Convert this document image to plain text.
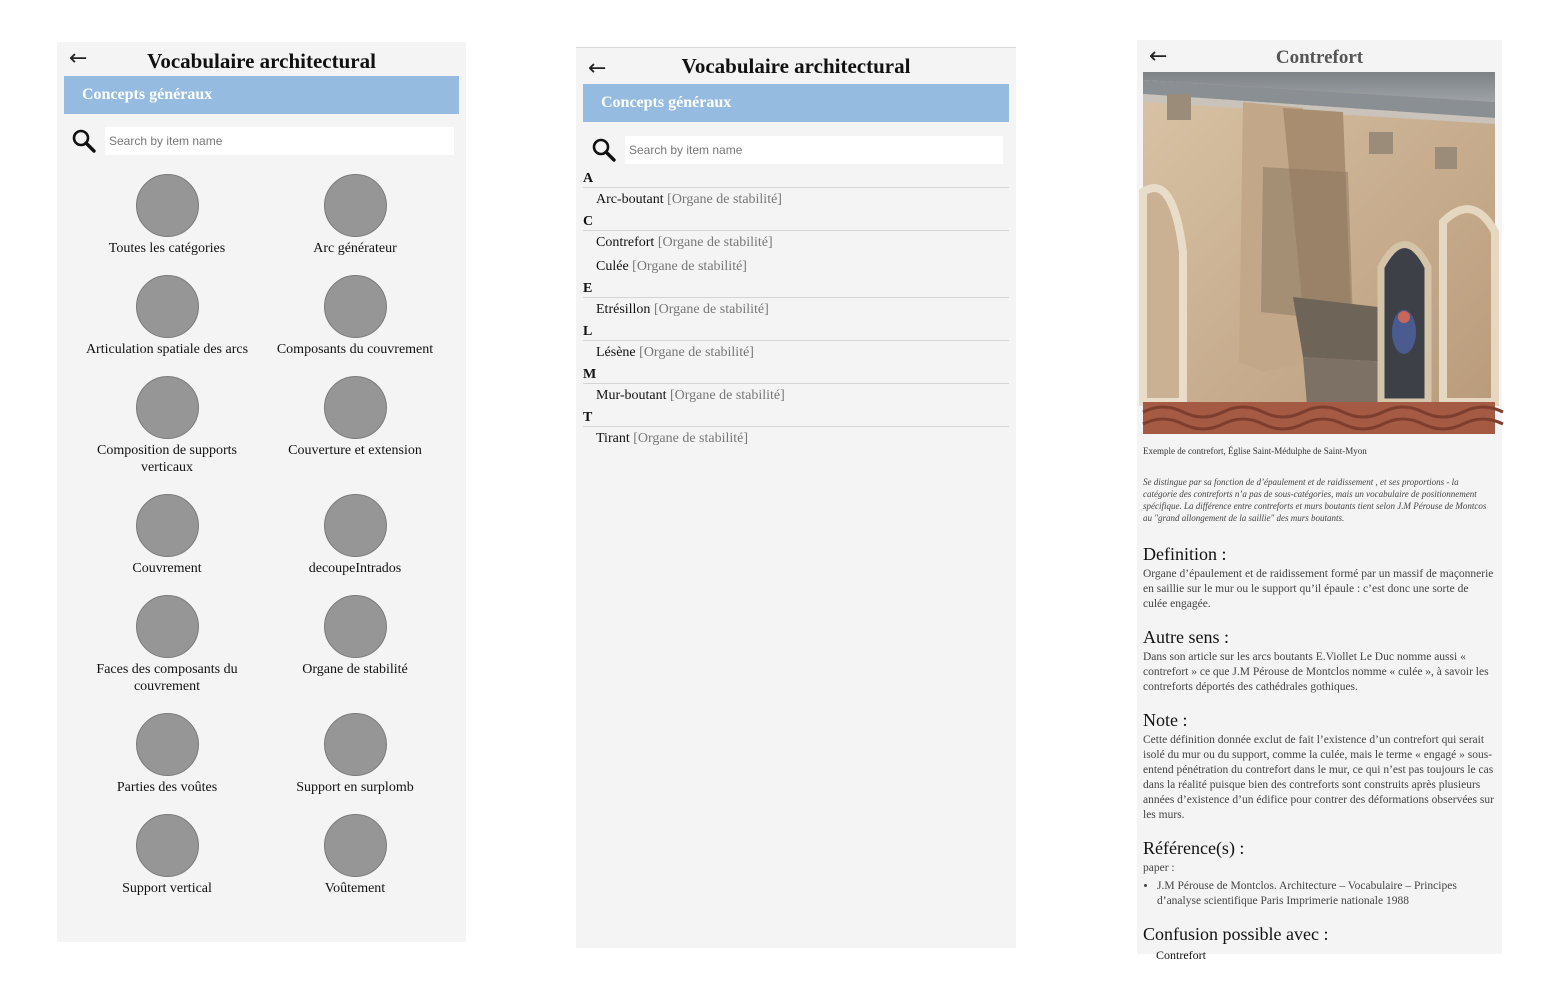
←	Vocabulaire architectural
Concepts généraux
Search by item name
Toutes les catégories	Arc générateur
Articulation spatiale des arcs	Composants du couvrement
Composition de supports verticaux
Couverture et extension
Couvrement	decoupeIntrados
Faces des composants du couvrement
Organe de stabilité
Parties des voûtes	Support en surplomb
Support vertical	Voûtement
←	Vocabulaire architectural
Concepts généraux
Search by item name
A
Arc-boutant [Organe de stabilité]
C
Contrefort [Organe de stabilité]
Culée [Organe de stabilité]
E
Etrésillon [Organe de stabilité]
L
Lésène [Organe de stabilité]
M
Mur-boutant [Organe de stabilité]
T
Tirant [Organe de stabilité]
←	Contrefort
Exemple de contrefort, Église Saint-Médulphe de Saint-Myon
Se distingue par sa fonction de d’épaulement et de raidissement , et ses proportions - la catégorie des contreforts n’a pas de sous-catégories, mais un vocabulaire de positionnement spécifique. La différence entre contreforts et murs boutants tient selon J.M Pérouse de Montcos au "grand allongement de la saillie" des murs boutants.
Definition :
Organe d’épaulement et de raidissement formé par un massif de maçonnerie en saillie sur le mur ou le support qu’il épaule : c’est donc une sorte de culée engagée.
Autre sens :
Dans son article sur les arcs boutants E.Viollet Le Duc nomme aussi « contrefort » ce que J.M Pérouse de Montclos nomme « culée », à savoir les contreforts déportés des cathédrales gothiques.
Note :
Cette définition donnée exclut de fait l’existence d’un contrefort qui serait isolé du mur ou du support, comme la culée, mais le terme « engagé » sous-entend pénétration du contrefort dans le mur, ce qui n’est pas toujours le cas dans la réalité puisque bien des contreforts sont construits après plusieurs années d’existence d’un édifice pour contrer des déformations observées sur les murs.
Référence(s) :
paper :
• J.M Pérouse de Montclos. Architecture – Vocabulaire – Principes d’analyse scientifique Paris Imprimerie nationale 1988
Confusion possible avec :
Contrefort
